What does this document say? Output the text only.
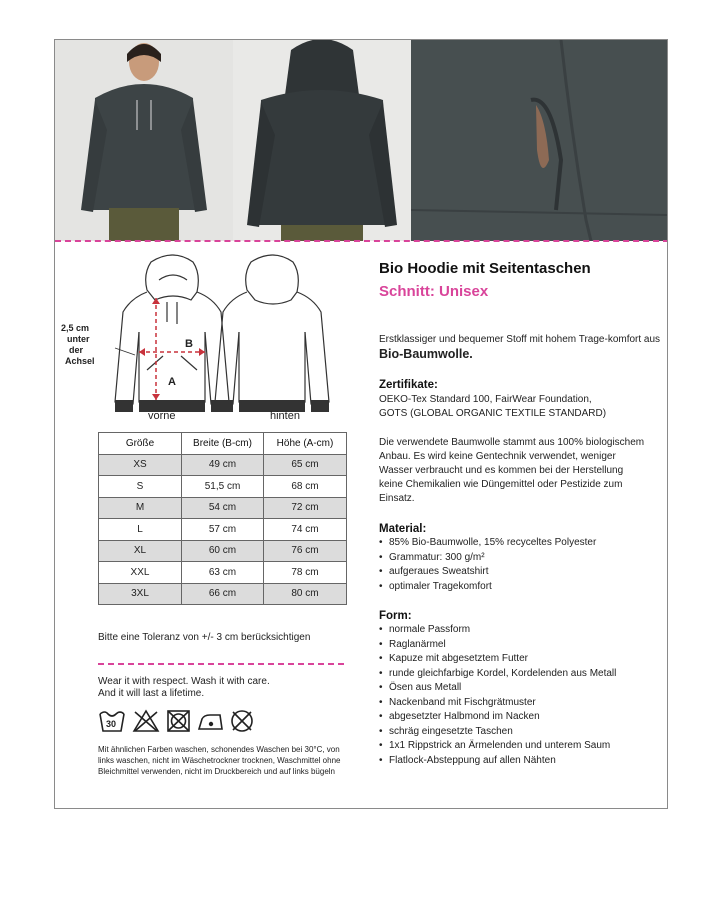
A
B
vorne	hinten
2,5 cm
unter
der
Achsel
Größe	Breite (B-cm)	Höhe (A-cm)
XS	49 cm	65 cm
S	51,5 cm	68 cm
M	54 cm	72 cm
L	57 cm	74 cm
XL	60 cm	76 cm
XXL	63 cm	78 cm
3XL	66 cm	80 cm
Bitte eine Toleranz von +/- 3 cm berücksichtigen
Wear it with respect. Wash it with care.
And it will last a lifetime.
30
Mit ähnlichen Farben waschen, schonendes Waschen bei 30°C, von links waschen, nicht im Wäschetrockner trocknen, Waschmittel ohne Bleichmittel verwenden, nicht im Druckbereich und auf links bügeln
Bio Hoodie mit Seitentaschen
Schnitt: Unisex
Erstklassiger und bequemer Stoff mit hohem Trage-komfort aus Bio-Baumwolle.
Zertifikate:
OEKO-Tex Standard 100, FairWear Foundation,
GOTS (GLOBAL ORGANIC TEXTILE STANDARD)
Die verwendete Baumwolle stammt aus 100% biologischem Anbau. Es wird keine Gentechnik verwendet, weniger Wasser verbraucht und es kommen bei der Herstellung keine Chemikalien wie Düngemittel oder Pestizide zum Einsatz.
Material:
• 85% Bio-Baumwolle, 15% recyceltes Polyester
• Grammatur: 300 g/m²
• aufgeraues Sweatshirt
• optimaler Tragekomfort
Form:
• normale Passform
• Raglanärmel
• Kapuze mit abgesetztem Futter
• runde gleichfarbige Kordel, Kordelenden aus Metall
• Ösen aus Metall
• Nackenband mit Fischgrätmuster
• abgesetzter Halbmond im Nacken
• schräg eingesetzte Taschen
• 1x1 Rippstrick an Ärmelenden und unterem Saum
• Flatlock-Absteppung auf allen Nähten
